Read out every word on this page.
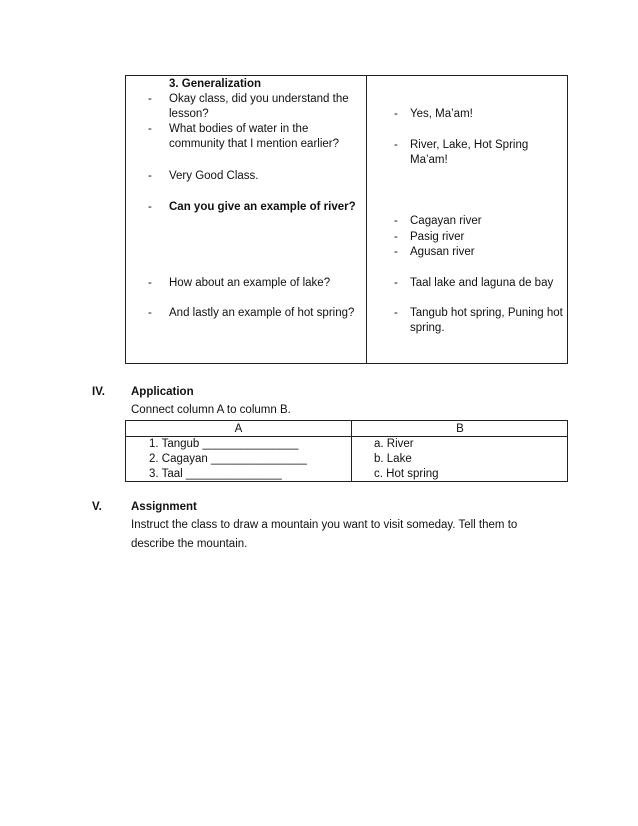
3. Generalization
- Okay class, did you understand the
lesson?
- What bodies of water in the
community that I mention earlier?
- Very Good Class.
- Can you give an example of river?
- How about an example of lake?
- And lastly an example of hot spring?
- Yes, Ma’am!
- River, Lake, Hot Spring
Ma’am!
- Cagayan river
- Pasig river
- Agusan river
- Taal lake and laguna de bay
- Tangub hot spring, Puning hot
spring.
IV. Application
Connect column A to column B.
A	B
1. Tangub _______________
2. Cagayan _______________
3. Taal _______________
a. River
b. Lake
c. Hot spring
V.	Assignment
Instruct the class to draw a mountain you want to visit someday. Tell them to
describe the mountain.
